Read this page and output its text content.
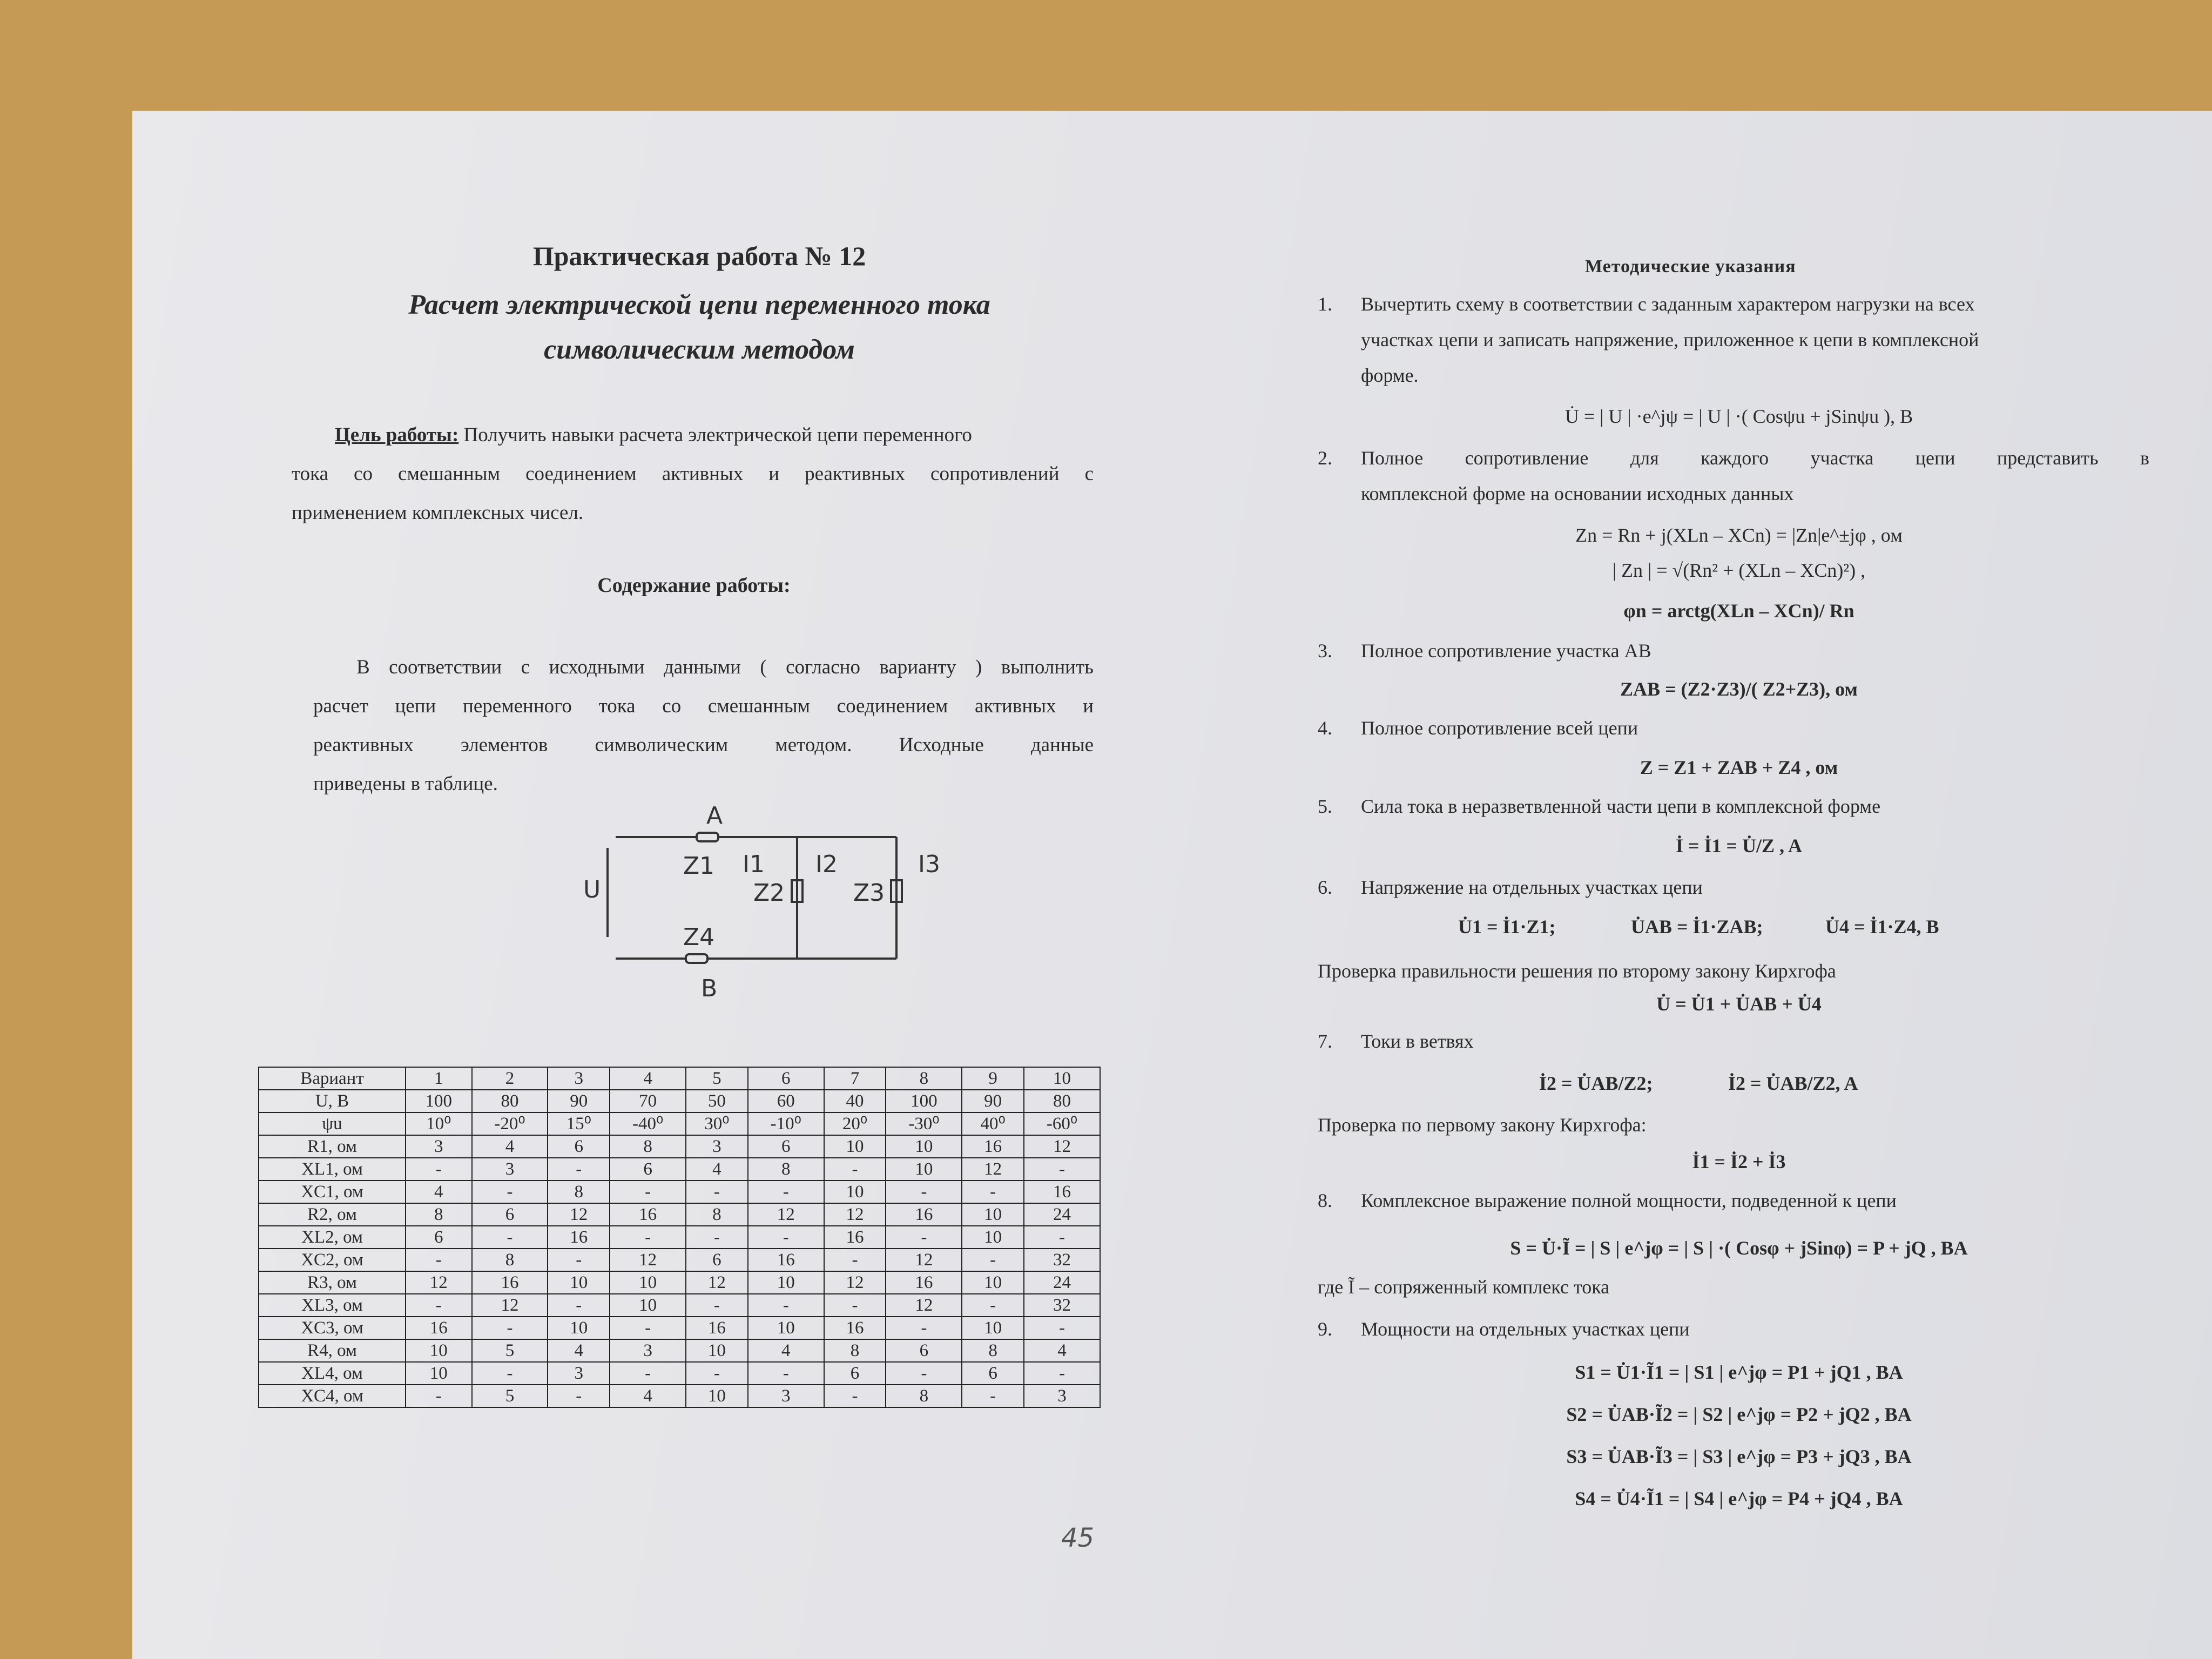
Практическая работа № 12
Расчет электрической цепи переменного тока
символическим методом
Цель работы: Получить навыки расчета электрической цепи переменного
тока со смешанным соединением активных и реактивных сопротивлений с
применением комплексных чисел.
Содержание работы:
В соответствии с исходными данными ( согласно варианту ) выполнить
расчет цепи переменного тока со смешанным соединением активных и
реактивных элементов символическим методом. Исходные данные
приведены в таблице.
A
B
U
Z1
Z2	Z3
Z4
I1 I2	I3
Вариант	1	2	3	4	5	6	7	8	9	10
U, B	100	80	90	70	50	60	40	100	90	80
ψu	10⁰	-20⁰	15⁰	-40⁰	30⁰	-10⁰	20⁰	-30⁰	40⁰	-60⁰
R1, ом	3	4	6	8	3	6	10	10	16	12
XL1, ом	-	3	-	6	4	8	-	10	12	-
XC1, ом	4	-	8	-	-	-	10	-	-	16
R2, ом	8	6	12	16	8	12	12	16	10	24
XL2, ом	6	-	16	-	-	-	16	-	10	-
XC2, ом	-	8	-	12	6	16	-	12	-	32
R3, ом	12	16	10	10	12	10	12	16	10	24
XL3, ом	-	12	-	10	-	-	-	12	-	32
XC3, ом	16	-	10	-	16	10	16	-	10	-
R4, ом	10	5	4	3	10	4	8	6	8	4
XL4, ом	10	-	3	-	-	-	6	-	6	-
XC4, ом	-	5	-	4	10	3	-	8	-	3
45
Методические указания
1. Вычертить схему в соответствии с заданным характером нагрузки на всех
участках цепи и записать напряжение, приложенное к цепи в комплексной
форме.
U̇ = | U | ·e^jψ = | U | ·( Cosψu + jSinψu ), B
2. Полное сопротивление для каждого участка цепи представить в
комплексной форме на основании исходных данных
Zn = Rn + j(XLn – XCn) = |Zn|e^±jφ , ом
| Zn | = √(Rn² + (XLn – XCn)²) ,
φn = arctg(XLn – XCn)/ Rn
3. Полное сопротивление участка АВ
ZAB = (Z2·Z3)/( Z2+Z3), ом
4. Полное сопротивление всей цепи
Z = Z1 + ZAB + Z4 , ом
5. Сила тока в неразветвленной части цепи в комплексной форме
İ = İ1 = U̇/Z , A
6. Напряжение на отдельных участках цепи
U̇1 = İ1·Z1;	U̇AB = İ1·ZAB;	U̇4 = İ1·Z4, B
Проверка правильности решения по второму закону Кирхгофа
U̇ = U̇1 + U̇AB + U̇4
7. Токи в ветвях
İ2 = U̇AB/Z2;	İ2 = U̇AB/Z2, A
Проверка по первому закону Кирхгофа:
İ1 = İ2 + İ3
8. Комплексное выражение полной мощности, подведенной к цепи
S = U̇·Ĩ = | S | e^jφ = | S | ·( Cosφ + jSinφ) = P + jQ , BA
где Ĩ – сопряженный комплекс тока
9. Мощности на отдельных участках цепи
S1 = U̇1·Ĩ1 = | S1 | e^jφ = P1 + jQ1 , BA
S2 = U̇AB·Ĩ2 = | S2 | e^jφ = P2 + jQ2 , BA
S3 = U̇AB·Ĩ3 = | S3 | e^jφ = P3 + jQ3 , BA
S4 = U̇4·Ĩ1 = | S4 | e^jφ = P4 + jQ4 , BA
